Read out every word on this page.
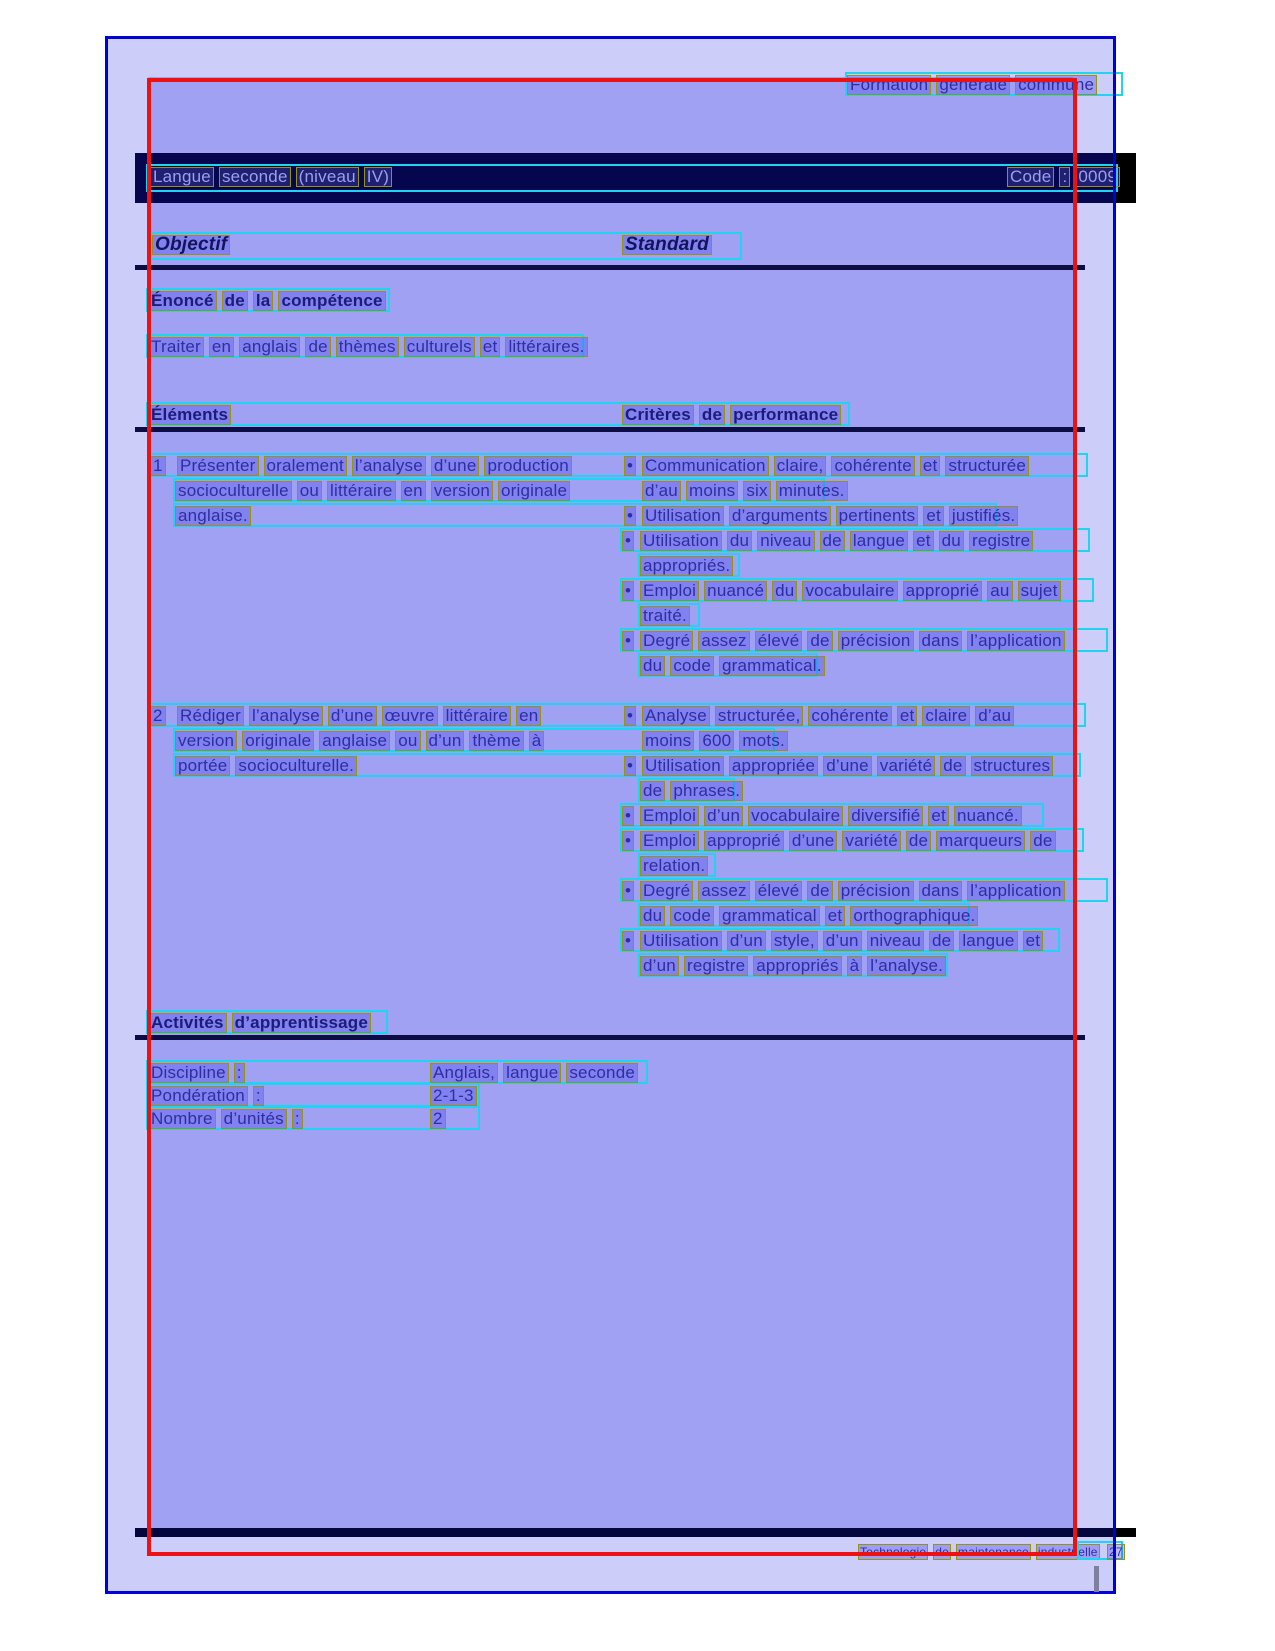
Formation générale commune
Langue seconde (niveau IV)	Code : 0009
Objectif	Standard
Énoncé de la compétence
Traiter en anglais de thèmes culturels et littéraires.
Éléments	Critères de performance
1 Présenter oralement l’analyse d’une production	• Communication claire, cohérente et structurée
socioculturelle ou littéraire en version originale	d’au moins six minutes.
anglaise.	• Utilisation d’arguments pertinents et justifiés.
• Utilisation du niveau de langue et du registre
appropriés.
• Emploi nuancé du vocabulaire approprié au sujet
traité.
• Degré assez élevé de précision dans l’application
du code grammatical.
2 Rédiger l’analyse d’une œuvre littéraire en	• Analyse structurée, cohérente et claire d’au
version originale anglaise ou d’un thème à	moins 600 mots.
portée socioculturelle.	• Utilisation appropriée d’une variété de structures
de phrases.
• Emploi d’un vocabulaire diversifié et nuancé.
• Emploi approprié d’une variété de marqueurs de
relation.
• Degré assez élevé de précision dans l’application
du code grammatical et orthographique.
• Utilisation d’un style, d’un niveau de langue et
d’un registre appropriés à l’analyse.
Activités d’apprentissage
Discipline :	Anglais, langue seconde
Pondération :	2-1-3
Nombre d’unités :	2
Technologie de maintenance industrielle 27
